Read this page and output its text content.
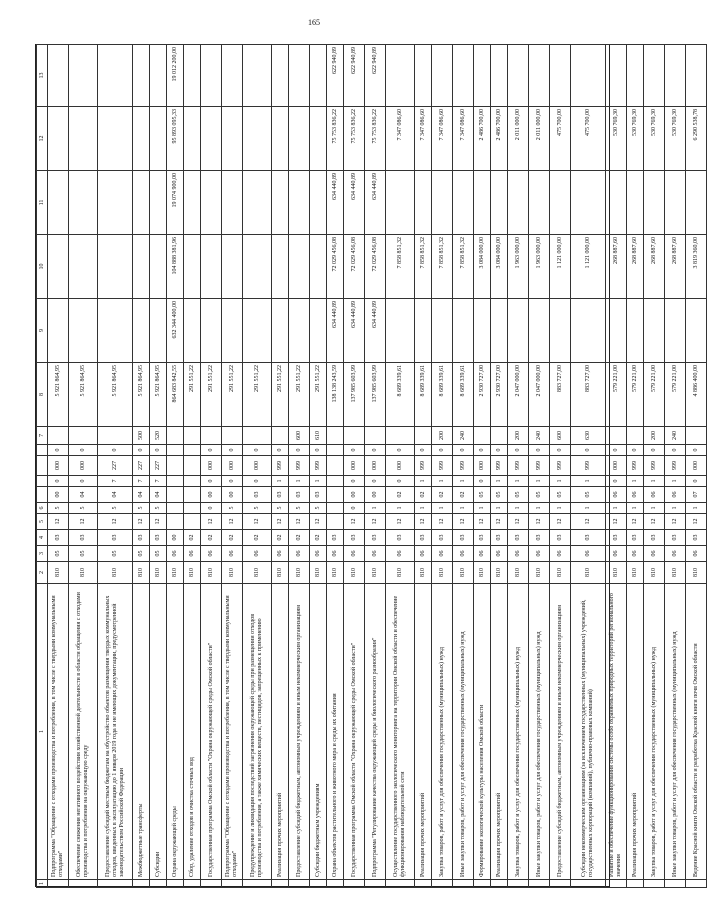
165
1	1	2	3	4	5	6					7	8	9	10	11	12	13
	Подпрограмма "Обращение с отходами производства и потребления, в том числе с твердыми коммунальными отходами"	810	05	03	12	5	00	0	000	0		5 921 864,95					
	Обеспечение снижения негативного воздействия хозяйственной деятельности в области обращения с отходами производства и потребления на окружающую среду	810	05	03	12	5	04	0	000	0		5 921 864,95					
	Предоставление субсидий местным бюджетам на обустройство объектов размещения твердых коммунальных отходов, введенных в эксплуатацию до 1 января 2019 года и не имеющих документации, предусмотренной законодательством Российской Федерации	810	05	03	12	5	04	7	227	0		5 921 864,95					
	Межбюджетные трансферты	810	05	03	12	5	04	7	227	0	500	5 921 864,95					
	Субсидии	810	05	03	12	5	04	7	227	0	520	5 921 864,95					
	Охрана окружающей среды	810	06	00								864 683 842,55	632 344 400,00	104 888 381,96	19 074 900,00	95 893 095,33	19 012 200,00
	Сбор, удаление отходов и очистка сточных вод	810	06	02								291 551,22					
	Государственная программа Омской области "Охрана окружающей среды Омской области"	810	06	02	12	0	00	0	000	0		291 551,22					
	Подпрограмма "Обращение с отходами производства и потребления, в том числе с твердыми коммунальными отходами"	810	06	02	12	5	00	0	000	0		291 551,22					
	Предупреждение и ликвидация последствий загрязнения окружающей среды при размещении отходов производства и потребления, а также химических веществ, пестицидов, запрещенных к применению	810	06	02	12	5	03	0	000	0		291 551,22					
	Реализация прочих мероприятий	810	06	02	12	5	03	1	999	0		291 551,22					
	Предоставление субсидий бюджетным, автономным учреждениям и иным некоммерческим организациям	810	06	02	12	5	03	1	999	0	600	291 551,22					
	Субсидии бюджетным учреждениям	810	06	02	12	5	03	1	999	0	610	291 551,22					
	Охрана объектов растительного и животного мира и среды их обитания	810	06	03								138 138 243,59	634 440,89	72 029 456,08	634 440,89	75 753 836,22	622 940,89
	Государственная программа Омской области "Охрана окружающей среды Омской области"	810	06	03	12	0	00	0	000	0		137 985 603,99	634 440,89	72 029 456,08	634 440,89	75 753 836,22	622 940,89
	Подпрограмма "Регулирование качества окружающей среды и биологического разнообразия"	810	06	03	12	1	00	0	000	0		137 985 603,99	634 440,89	72 029 456,08	634 440,89	75 753 836,22	622 940,89
	Осуществление государственного экологического мониторинга на территории Омской области и обеспечение функционирования наблюдательной сети	810	06	03	12	1	02	0	000	0		8 689 339,61		7 858 851,32		7 347 086,60	
	Реализация прочих мероприятий	810	06	03	12	1	02	1	999	0		8 689 339,61		7 858 851,32		7 347 086,60	
	Закупка товаров, работ и услуг для обеспечения государственных (муниципальных) нужд	810	06	03	12	1	02	1	999	0	200	8 689 339,61		7 858 851,32		7 347 086,60	
	Иные закупки товаров, работ и услуг для обеспечения государственных (муниципальных) нужд	810	06	03	12	1	02	1	999	0	240	8 689 339,61		7 858 851,32		7 347 086,60	
	Формирование экологической культуры населения Омской области	810	06	03	12	1	05	0	000	0		2 930 727,00		3 084 000,00		2 486 700,00	
	Реализация прочих мероприятий	810	06	03	12	1	05	1	999	0		2 930 727,00		3 084 000,00		2 486 700,00	
	Закупка товаров, работ и услуг для обеспечения государственных (муниципальных) нужд	810	06	03	12	1	05	1	999	0	200	2 047 000,00		1 963 000,00		2 011 000,00	
	Иные закупки товаров, работ и услуг для обеспечения государственных (муниципальных) нужд	810	06	03	12	1	05	1	999	0	240	2 047 000,00		1 963 000,00		2 011 000,00	
	Предоставление субсидий бюджетным, автономным учреждениям и иным некоммерческим организациям	810	06	03	12	1	05	1	999	0	600	883 727,00		1 121 000,00		475 700,00	
	Субсидии некоммерческим организациям (за исключением государственных (муниципальных) учреждений, государственных корпораций (компаний), публично-правовых компаний)	810	06	03	12	1	05	1	999	0	630	883 727,00		1 121 000,00		475 700,00	
	Развитие и обеспечение функционирования системы особо охраняемых природных территорий регионального значения	810	06	03	12	1	06	0	000	0		579 221,00		268 887,60		530 769,30	
	Реализация прочих мероприятий	810	06	03	12	1	06	1	999	0		579 221,00		268 887,60		530 769,30	
	Закупка товаров, работ и услуг для обеспечения государственных (муниципальных) нужд	810	06	03	12	1	06	1	999	0	200	579 221,00		268 887,60		530 769,30	
	Иные закупки товаров, работ и услуг для обеспечения государственных (муниципальных) нужд	810	06	03	12	1	06	1	999	0	240	579 221,00		268 887,60		530 769,30	
	Ведение Красной книги Омской области и разработка Красной книги почв Омской области	810	06	03	12	1	07	0	000	0		4 886 400,00		3 819 360,00		6 290 538,78	
